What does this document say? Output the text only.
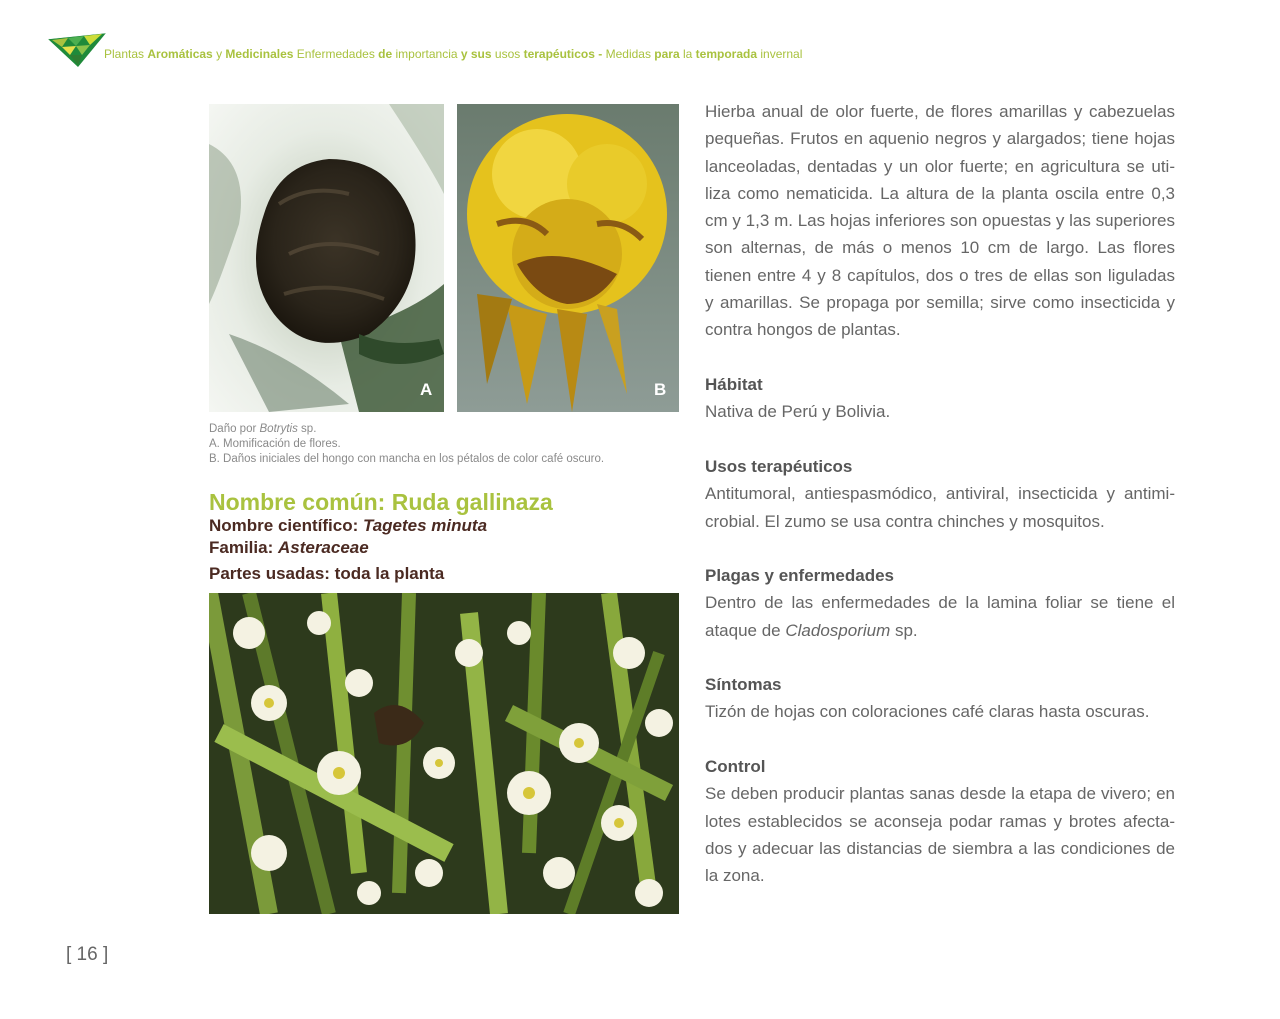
Plantas Aromáticas y Medicinales Enfermedades de importancia y sus usos terapéuticos - Medidas para la temporada invernal
A	B
Daño por Botrytis sp.
A. Momificación de flores.
B. Daños iniciales del hongo con mancha en los pétalos de color café oscuro.
Nombre común: Ruda gallinaza
Nombre científico: Tagetes minuta
Familia: Asteraceae
Partes usadas: toda la planta

Hierba anual de olor fuerte, de flores amarillas y cabezuelas
pequeñas. Frutos en aquenio negros y alargados; tiene hojas
lanceoladas, dentadas y un olor fuerte; en agricultura se uti-
liza como nematicida. La altura de la planta oscila entre 0,3
cm y 1,3 m. Las hojas inferiores son opuestas y las superiores
son alternas, de más o menos 10 cm de largo. Las flores
tienen entre 4 y 8 capítulos, dos o tres de ellas son liguladas
y amarillas. Se propaga por semilla; sirve como insecticida y
contra hongos de plantas.

Hábitat

Nativa de Perú y Bolivia.

Usos terapéuticos

Antitumoral, antiespasmódico, antiviral, insecticida y antimi-
crobial. El zumo se usa contra chinches y mosquitos.

Plagas y enfermedades

Dentro de las enfermedades de la lamina foliar se tiene el
ataque de Cladosporium sp.

Síntomas

Tizón de hojas con coloraciones café claras hasta oscuras.

Control

Se deben producir plantas sanas desde la etapa de vivero; en
lotes establecidos se aconseja podar ramas y brotes afecta-
dos y adecuar las distancias de siembra a las condiciones de
la zona.

[ 16 ]
